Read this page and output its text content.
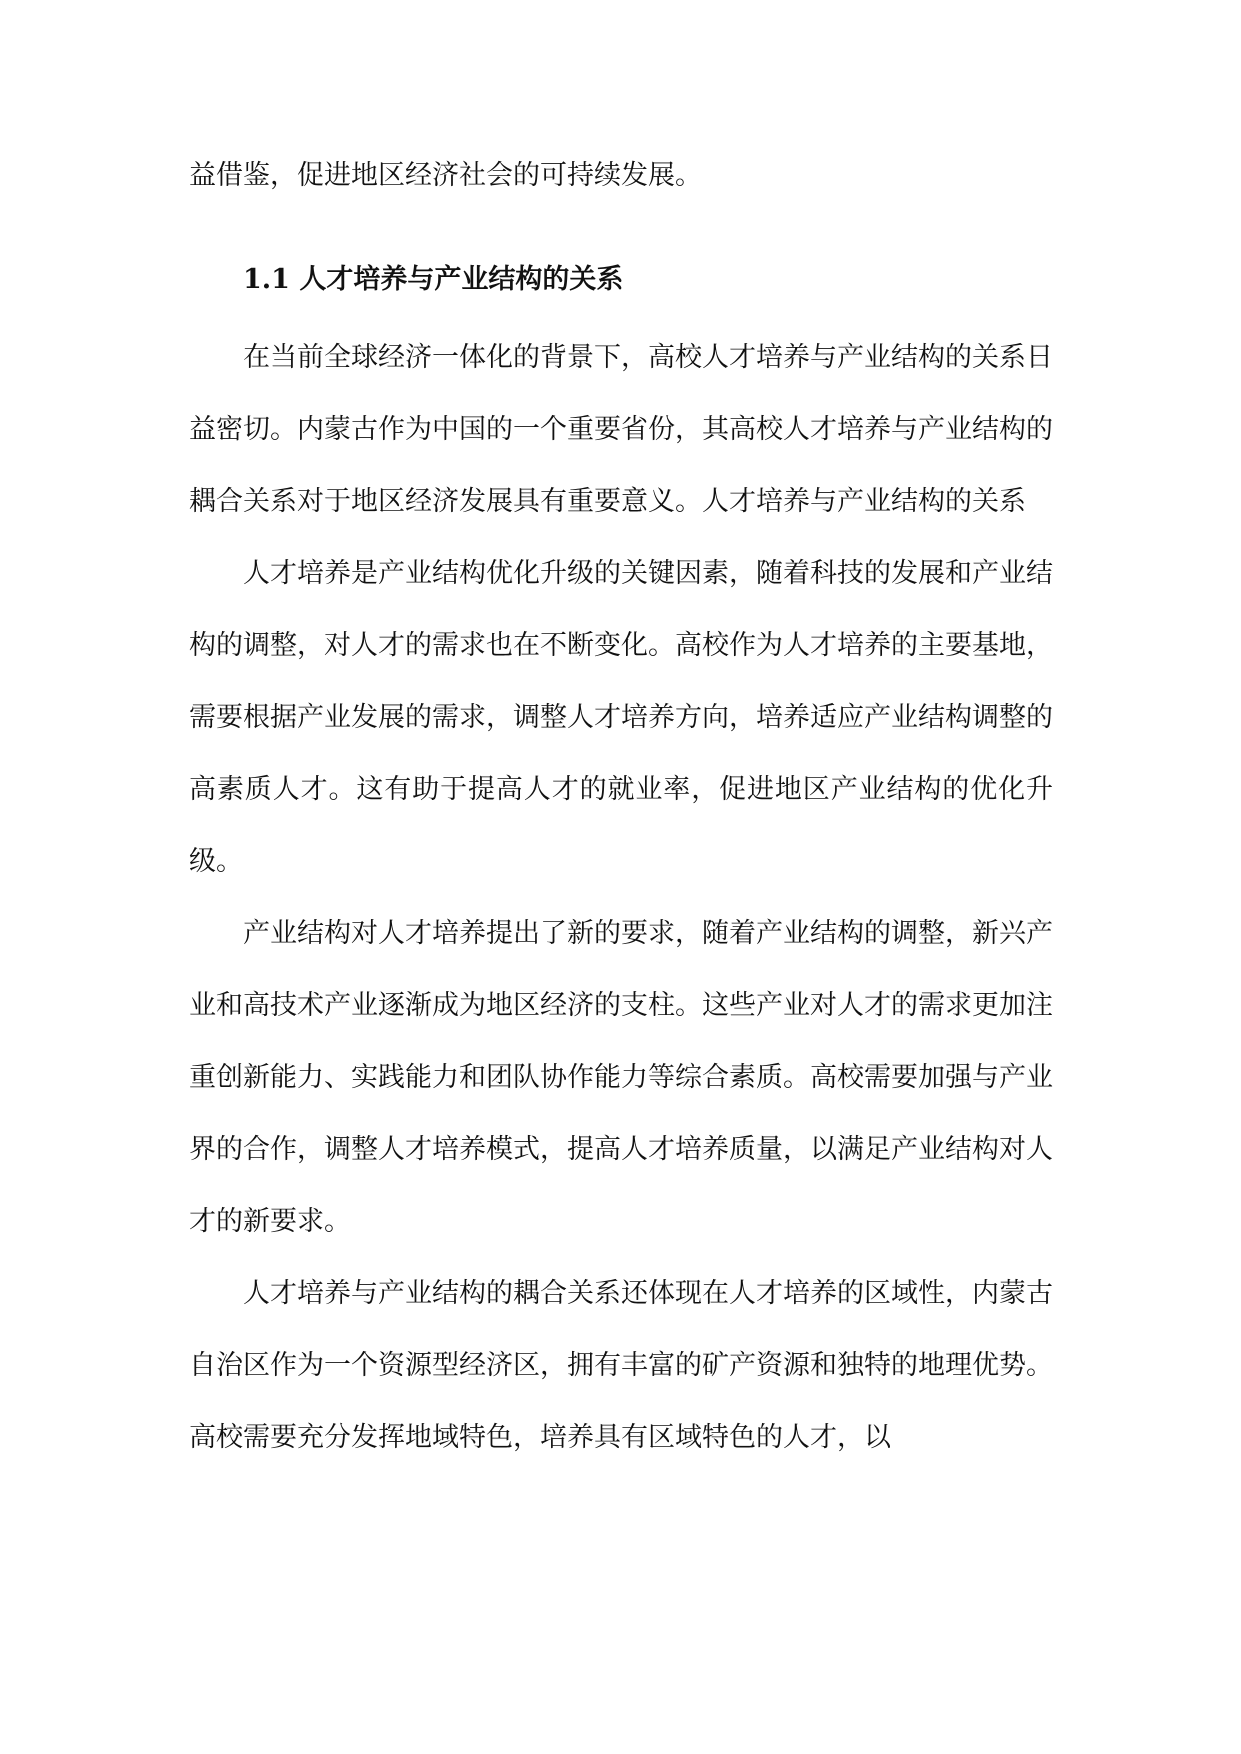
益借鉴，促进地区经济社会的可持续发展。

1.1 人才培养与产业结构的关系

在当前全球经济一体化的背景下，高校人才培养与产业结构的关系日益密切。内蒙古作为中国的一个重要省份，其高校人才培养与产业结构的耦合关系对于地区经济发展具有重要意义。人才培养与产业结构的关系

人才培养是产业结构优化升级的关键因素，随着科技的发展和产业结构的调整，对人才的需求也在不断变化。高校作为人才培养的主要基地，需要根据产业发展的需求，调整人才培养方向，培养适应产业结构调整的高素质人才。这有助于提高人才的就业率，促进地区产业结构的优化升级。

产业结构对人才培养提出了新的要求，随着产业结构的调整，新兴产业和高技术产业逐渐成为地区经济的支柱。这些产业对人才的需求更加注重创新能力、实践能力和团队协作能力等综合素质。高校需要加强与产业界的合作，调整人才培养模式，提高人才培养质量，以满足产业结构对人才的新要求。

人才培养与产业结构的耦合关系还体现在人才培养的区域性，内蒙古自治区作为一个资源型经济区，拥有丰富的矿产资源和独特的地理优势。高校需要充分发挥地域特色，培养具有区域特色的人才，以
